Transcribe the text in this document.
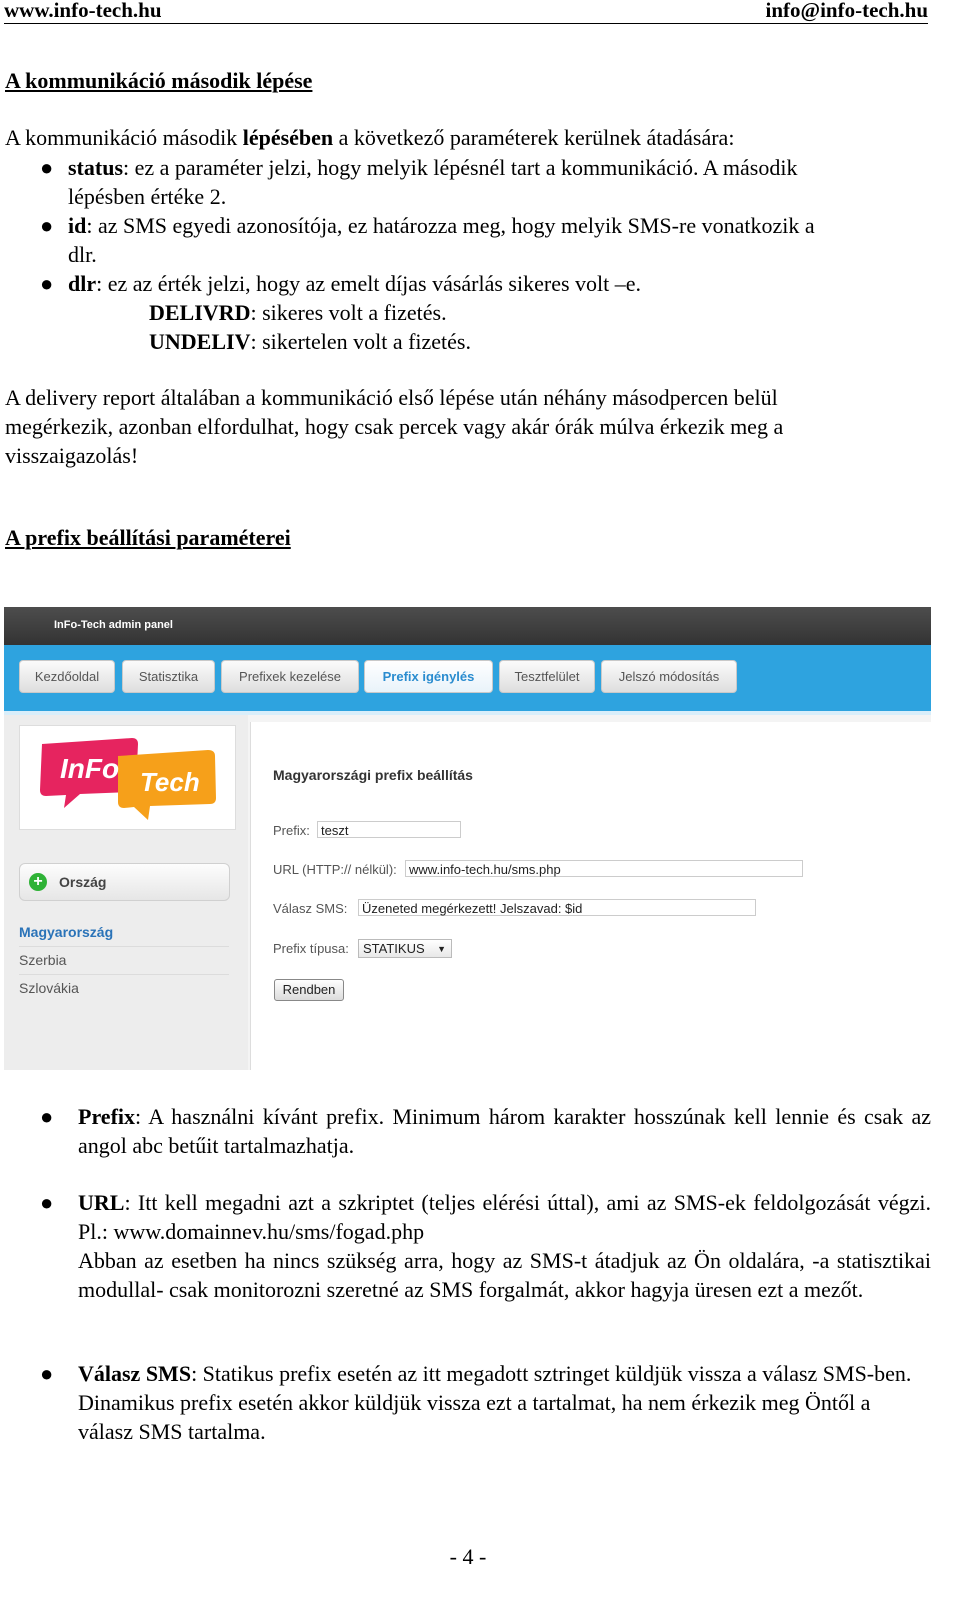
www.info-tech.hu	info@info-tech.hu
A kommunikáció második lépése
A kommunikáció második lépésében a következő paraméterek kerülnek átadására:
● status: ez a paraméter jelzi, hogy melyik lépésnél tart a kommunikáció. A második
lépésben értéke 2.
● id: az SMS egyedi azonosítója, ez határozza meg, hogy melyik SMS-re vonatkozik a
dlr.
● dlr: ez az érték jelzi, hogy az emelt díjas vásárlás sikeres volt –e.
DELIVRD: sikeres volt a fizetés.
UNDELIV: sikertelen volt a fizetés.
A delivery report általában a kommunikáció első lépése után néhány másodpercen belül
megérkezik, azonban elfordulhat, hogy csak percek vagy akár órák múlva érkezik meg a
visszaigazolás!
A prefix beállítási paraméterei
InFo-Tech admin panel
Kezdőoldal	Statisztika	Prefixek kezelése	Prefix igénylés	Tesztfelület	Jelszó módosítás
InFo Tech
+	Ország
Magyarország
Szerbia
Szlovákia
Magyarországi prefix beállítás
Prefix: teszt
URL (HTTP:// nélkül): www.info-tech.hu/sms.php
Válasz SMS:	Üzeneted megérkezett! Jelszavad: $id
Prefix típusa:	STATIKUS ▼
Rendben
● Prefix: A használni kívánt prefix. Minimum három karakter hosszúnak kell lennie és csak az angol abc betűit tartalmazhatja.
● URL: Itt kell megadni azt a szkriptet (teljes elérési úttal), ami az SMS-ek feldolgozását végzi. Pl.: www.domainnev.hu/sms/fogad.php
Abban az esetben ha nincs szükség arra, hogy az SMS-t átadjuk az Ön oldalára, -a statisztikai modullal- csak monitorozni szeretné az SMS forgalmát, akkor hagyja üresen ezt a mezőt.
● Válasz SMS: Statikus prefix esetén az itt megadott sztringet küldjük vissza a válasz SMS-ben. Dinamikus prefix esetén akkor küldjük vissza ezt a tartalmat, ha nem érkezik meg Öntől a válasz SMS tartalma.
- 4 -
